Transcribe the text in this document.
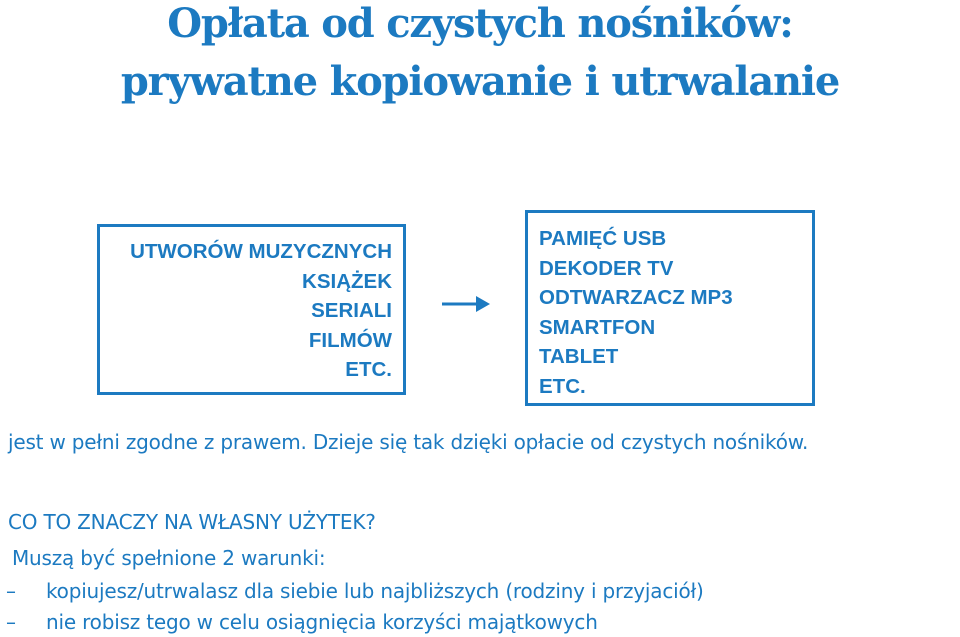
Opłata od czystych nośników:
prywatne kopiowanie i utrwalanie
UTWORÓW MUZYCZNYCH
KSIĄŻEK
SERIALI
FILMÓW
ETC.
PAMIĘĆ USB
DEKODER TV
ODTWARZACZ MP3
SMARTFON
TABLET
ETC.

jest w pełni zgodne z prawem. Dzieje się tak dzięki opłacie od czystych nośników.

CO TO ZNACZY NA WŁASNY UŻYTEK?

Muszą być spełnione 2 warunki:

– kopiujesz/utrwalasz dla siebie lub najbliższych (rodziny i przyjaciół)
– nie robisz tego w celu osiągnięcia korzyści majątkowych
